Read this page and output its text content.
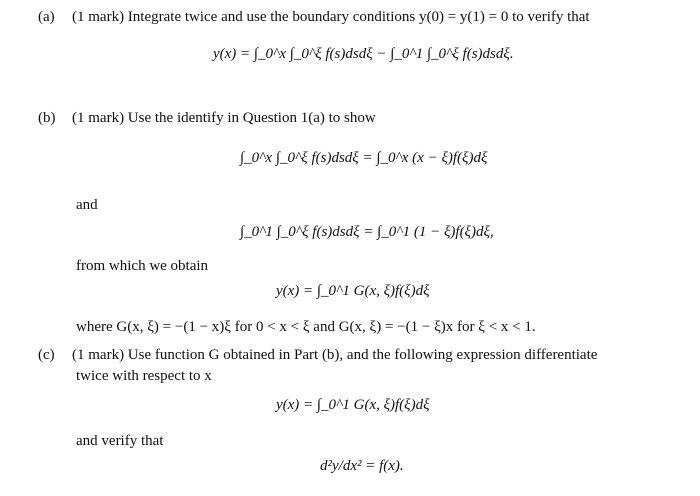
(a) (1 mark) Integrate twice and use the boundary conditions y(0) = y(1) = 0 to verify that
y(x) = ∫_0^x ∫_0^ξ f(s)dsdξ − ∫_0^1 ∫_0^ξ f(s)dsdξ.
(b) (1 mark) Use the identify in Question 1(a) to show
∫_0^x ∫_0^ξ f(s)dsdξ = ∫_0^x (x − ξ)f(ξ)dξ
and
∫_0^1 ∫_0^ξ f(s)dsdξ = ∫_0^1 (1 − ξ)f(ξ)dξ,
from which we obtain
y(x) = ∫_0^1 G(x, ξ)f(ξ)dξ
where G(x, ξ) = −(1 − x)ξ for 0 < x < ξ and G(x, ξ) = −(1 − ξ)x for ξ < x < 1.
(c) (1 mark) Use function G obtained in Part (b), and the following expression differentiate
twice with respect to x
y(x) = ∫_0^1 G(x, ξ)f(ξ)dξ
and verify that
d²y/dx² = f(x).
